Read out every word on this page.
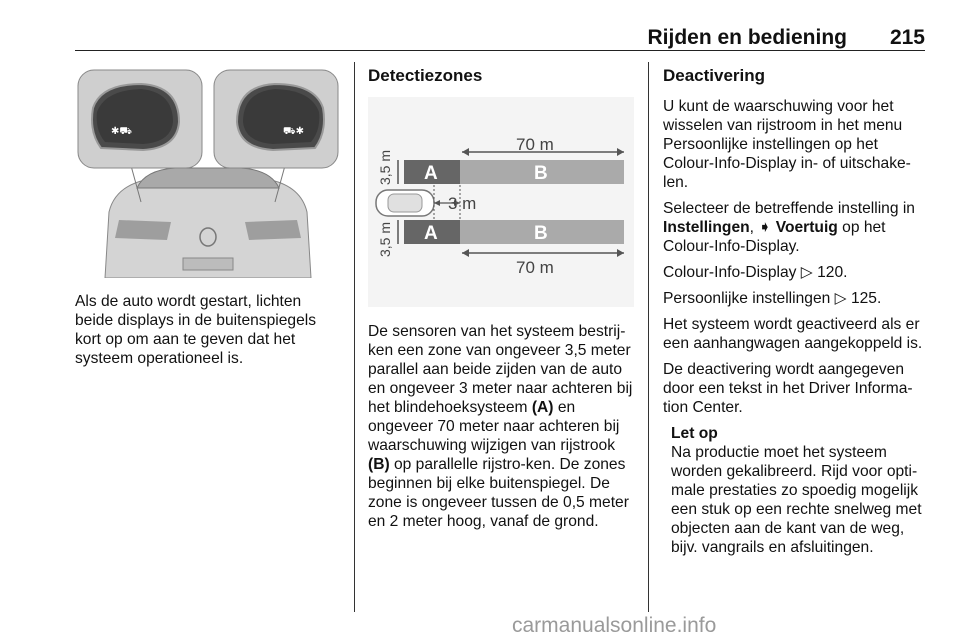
Rijden en bediening 215
✱⛟	⛟✱
Als de auto wordt gestart, lichten beide displays in de buitenspiegels kort op om aan te geven dat het systeem operationeel is.
Detectiezones
70 m
A	B
3,5 m
3 m
A	B
3,5 m
70 m
De sensoren van het systeem bestrij-ken een zone van ongeveer 3,5 meter parallel aan beide zijden van de auto en ongeveer 3 meter naar achteren bij het blindehoeksysteem (A) en ongeveer 70 meter naar achteren bij waarschuwing wijzigen van rijstrook (B) op parallelle rijstro-ken. De zones beginnen bij elke buitenspiegel. De zone is ongeveer tussen de 0,5 meter en 2 meter hoog, vanaf de grond.
Deactivering

U kunt de waarschuwing voor het wisselen van rijstroom in het menu Persoonlijke instellingen op het Colour-Info-Display in- of uitschake-len.

Selecteer de betreffende instelling in Instellingen, ➧ Voertuig op het Colour-Info-Display.

Colour-Info-Display ▷ 120.

Persoonlijke instellingen ▷ 125.

Het systeem wordt geactiveerd als er een aanhangwagen aangekoppeld is.

De deactivering wordt aangegeven door een tekst in het Driver Informa-tion Center.

Let op
Na productie moet het systeem worden gekalibreerd. Rijd voor opti-male prestaties zo spoedig mogelijk een stuk op een rechte snelweg met objecten aan de kant van de weg, bijv. vangrails en afsluitingen.
carmanualsonline.info
